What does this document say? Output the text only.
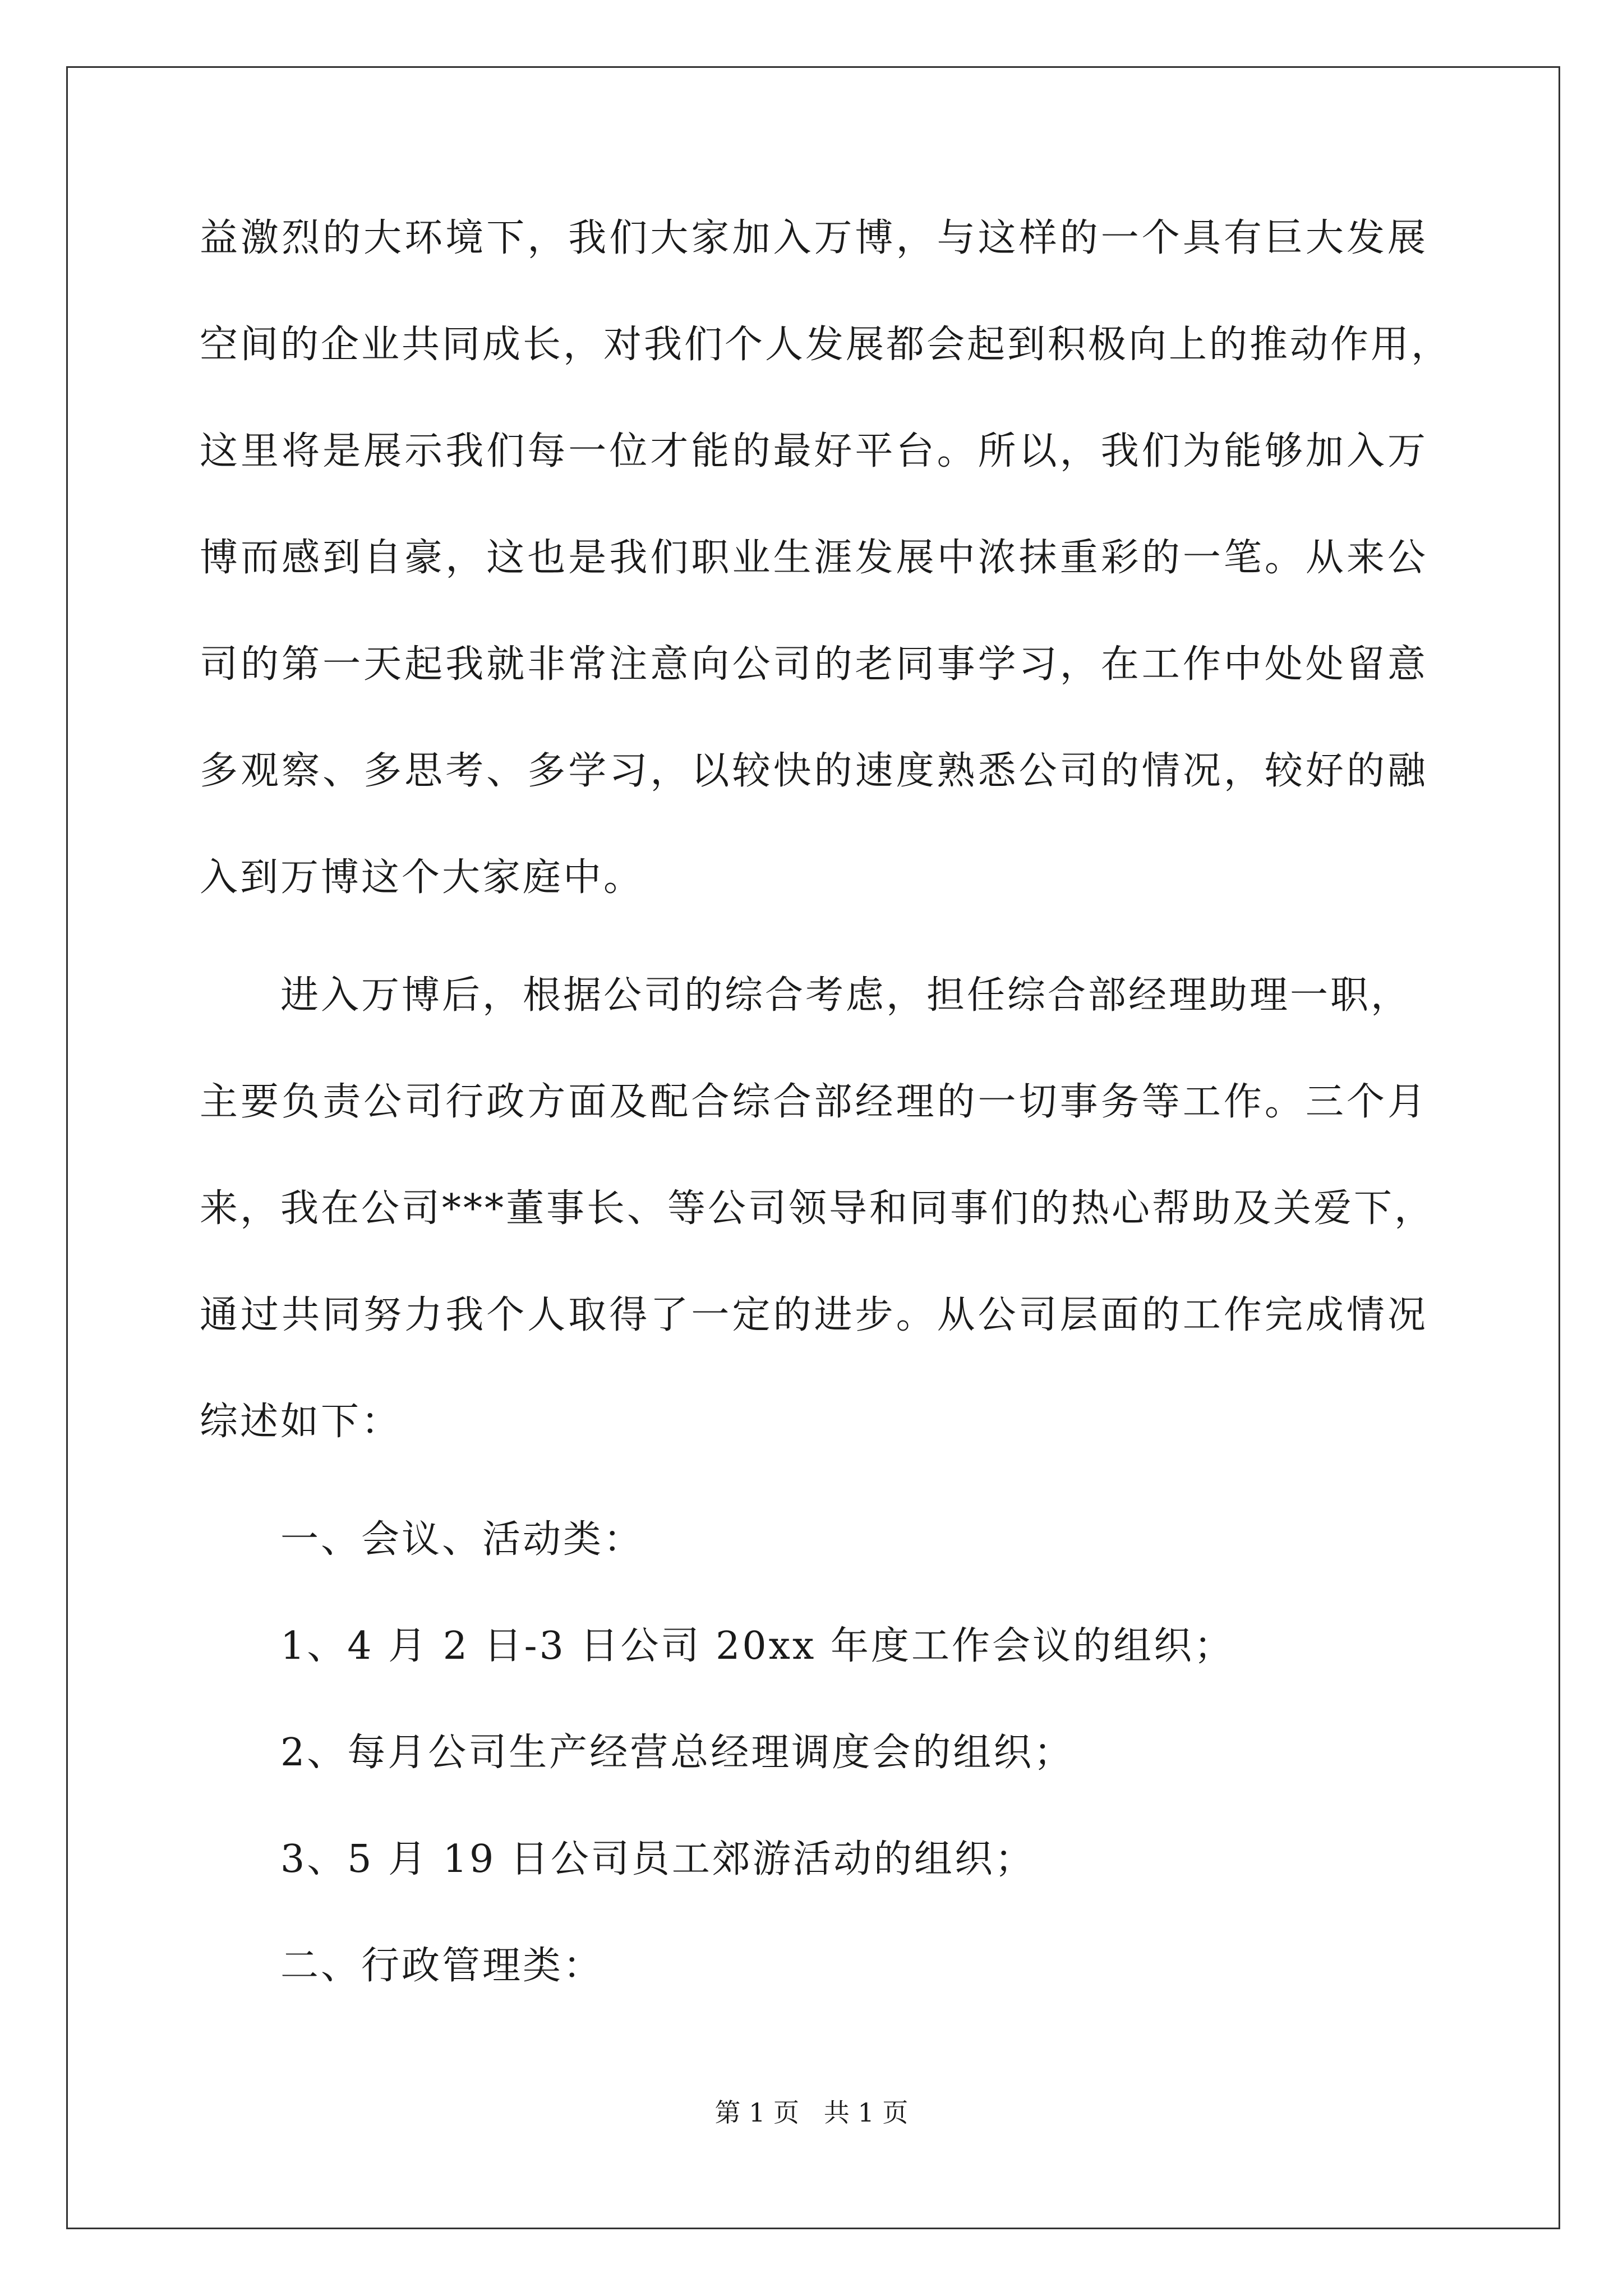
益激烈的大环境下，我们大家加入万博，与这样的一个具有巨大发展
空间的企业共同成长，对我们个人发展都会起到积极向上的推动作用，
这里将是展示我们每一位才能的最好平台。所以，我们为能够加入万
博而感到自豪，这也是我们职业生涯发展中浓抹重彩的一笔。从来公
司的第一天起我就非常注意向公司的老同事学习，在工作中处处留意
多观察、多思考、多学习，以较快的速度熟悉公司的情况，较好的融
入到万博这个大家庭中。
进入万博后，根据公司的综合考虑，担任综合部经理助理一职，
主要负责公司行政方面及配合综合部经理的一切事务等工作。三个月
来，我在公司***董事长、等公司领导和同事们的热心帮助及关爱下，
通过共同努力我个人取得了一定的进步。从公司层面的工作完成情况
综述如下：
一、会议、活动类：
1、4 月 2 日-3 日公司 20xx 年度工作会议的组织；
2、每月公司生产经营总经理调度会的组织；
3、5 月 19 日公司员工郊游活动的组织；
二、行政管理类：
第 1 页   共 1 页
